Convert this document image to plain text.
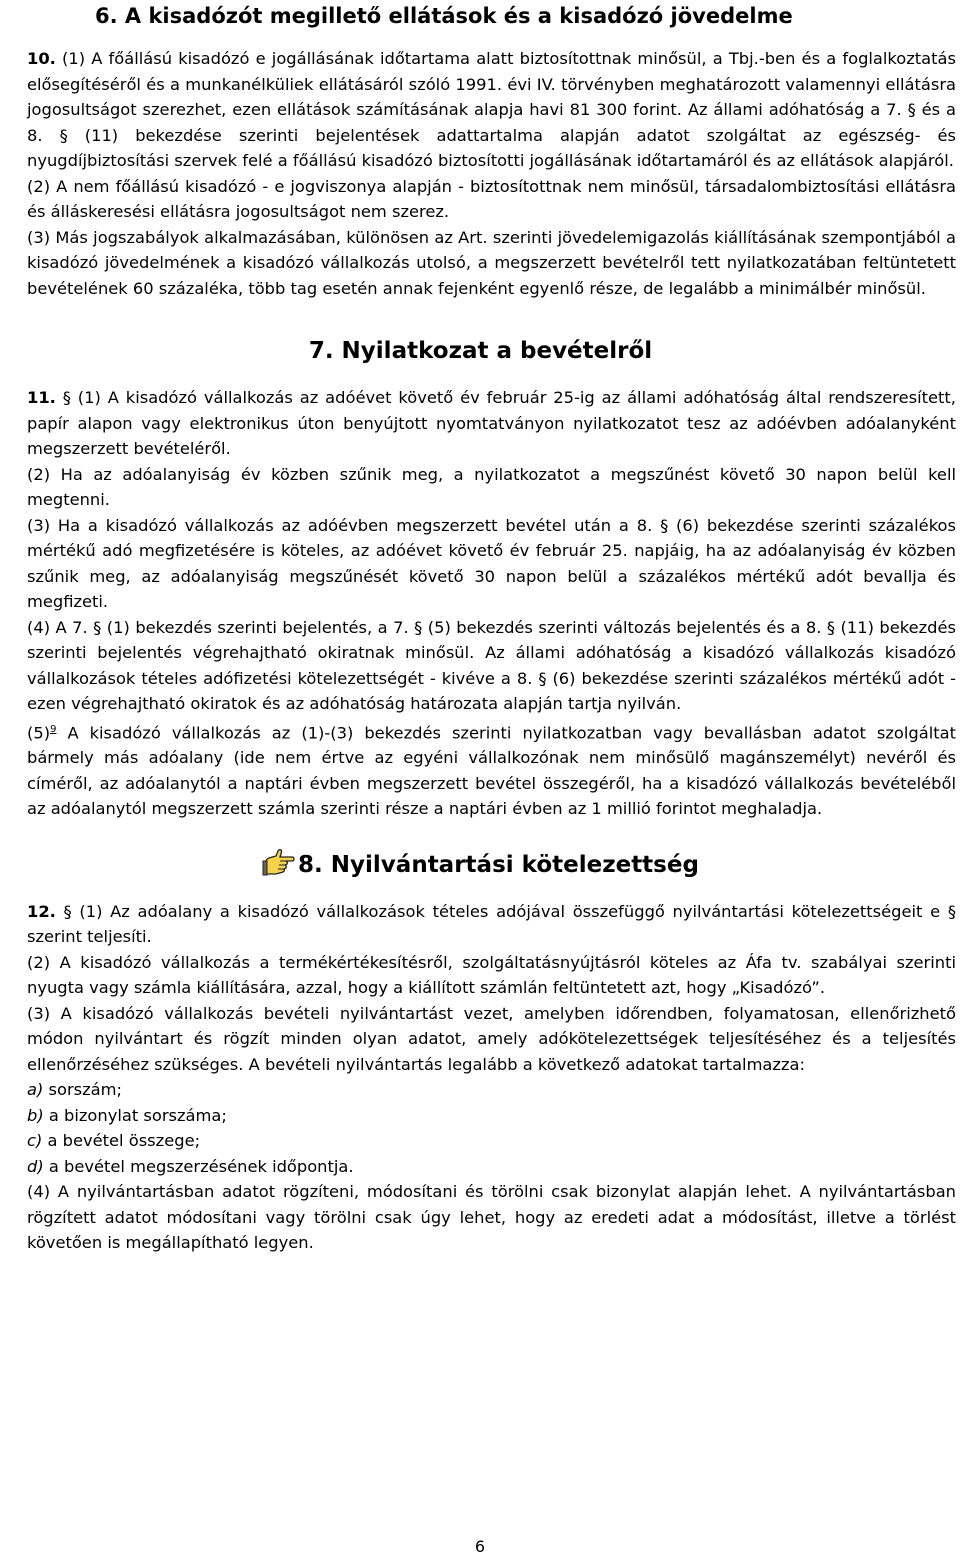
6. A kisadózót megillető ellátások és a kisadózó jövedelme

10. (1) A főállású kisadózó e jogállásának időtartama alatt biztosítottnak minősül, a Tbj.-ben és a foglalkoztatás elősegítéséről és a munkanélküliek ellátásáról szóló 1991. évi IV. törvényben meghatározott valamennyi ellátásra jogosultságot szerezhet, ezen ellátások számításának alapja havi 81 300 forint. Az állami adóhatóság a 7. § és a 8. § (11) bekezdése szerinti bejelentések adattartalma alapján adatot szolgáltat az egészség- és nyugdíjbiztosítási szervek felé a főállású kisadózó biztosítotti jogállásának időtartamáról és az ellátások alapjáról.

(2) A nem főállású kisadózó - e jogviszonya alapján - biztosítottnak nem minősül, társadalombiztosítási ellátásra és álláskeresési ellátásra jogosultságot nem szerez.

(3) Más jogszabályok alkalmazásában, különösen az Art. szerinti jövedelemigazolás kiállításának szempontjából a kisadózó jövedelmének a kisadózó vállalkozás utolsó, a megszerzett bevételről tett nyilatkozatában feltüntetett bevételének 60 százaléka, több tag esetén annak fejenként egyenlő része, de legalább a minimálbér minősül.

7. Nyilatkozat a bevételről

11. § (1) A kisadózó vállalkozás az adóévet követő év február 25-ig az állami adóhatóság által rendszeresített, papír alapon vagy elektronikus úton benyújtott nyomtatványon nyilatkozatot tesz az adóévben adóalanyként megszerzett bevételéről.

(2) Ha az adóalanyiság év közben szűnik meg, a nyilatkozatot a megszűnést követő 30 napon belül kell megtenni.

(3) Ha a kisadózó vállalkozás az adóévben megszerzett bevétel után a 8. § (6) bekezdése szerinti százalékos mértékű adó megfizetésére is köteles, az adóévet követő év február 25. napjáig, ha az adóalanyiság év közben szűnik meg, az adóalanyiság megszűnését követő 30 napon belül a százalékos mértékű adót bevallja és megfizeti.

(4) A 7. § (1) bekezdés szerinti bejelentés, a 7. § (5) bekezdés szerinti változás bejelentés és a 8. § (11) bekezdés szerinti bejelentés végrehajtható okiratnak minősül. Az állami adóhatóság a kisadózó vállalkozás kisadózó vállalkozások tételes adófizetési kötelezettségét - kivéve a 8. § (6) bekezdése szerinti százalékos mértékű adót - ezen végrehajtható okiratok és az adóhatóság határozata alapján tartja nyilván.

$(5)^9$ A kisadózó vállalkozás az (1)-(3) bekezdés szerinti nyilatkozatban vagy bevallásban adatot szolgáltat bármely más adóalany (ide nem értve az egyéni vállalkozónak nem minősülő magánszemélyt) nevéről és címéről, az adóalanytól a naptári évben megszerzett bevétel összegéről, ha a kisadózó vállalkozás bevételéből az adóalanytól megszerzett számla szerinti része a naptári évben az 1 millió forintot meghaladja.

8. Nyilvántartási kötelezettség

12. § (1) Az adóalany a kisadózó vállalkozások tételes adójával összefüggő nyilvántartási kötelezettségeit e § szerint teljesíti.

(2) A kisadózó vállalkozás a termékértékesítésről, szolgáltatásnyújtásról köteles az Áfa tv. szabályai szerinti nyugta vagy számla kiállítására, azzal, hogy a kiállított számlán feltüntetett azt, hogy „Kisadózó”.

(3) A kisadózó vállalkozás bevételi nyilvántartást vezet, amelyben időrendben, folyamatosan, ellenőrizhető módon nyilvántart és rögzít minden olyan adatot, amely adókötelezettségek teljesítéséhez és a teljesítés ellenőrzéséhez szükséges. A bevételi nyilvántartás legalább a következő adatokat tartalmazza:

a) sorszám;

b) a bizonylat sorszáma;

c) a bevétel összege;

d) a bevétel megszerzésének időpontja.

(4) A nyilvántartásban adatot rögzíteni, módosítani és törölni csak bizonylat alapján lehet. A nyilvántartásban rögzített adatot módosítani vagy törölni csak úgy lehet, hogy az eredeti adat a módosítást, illetve a törlést követően is megállapítható legyen.

6
